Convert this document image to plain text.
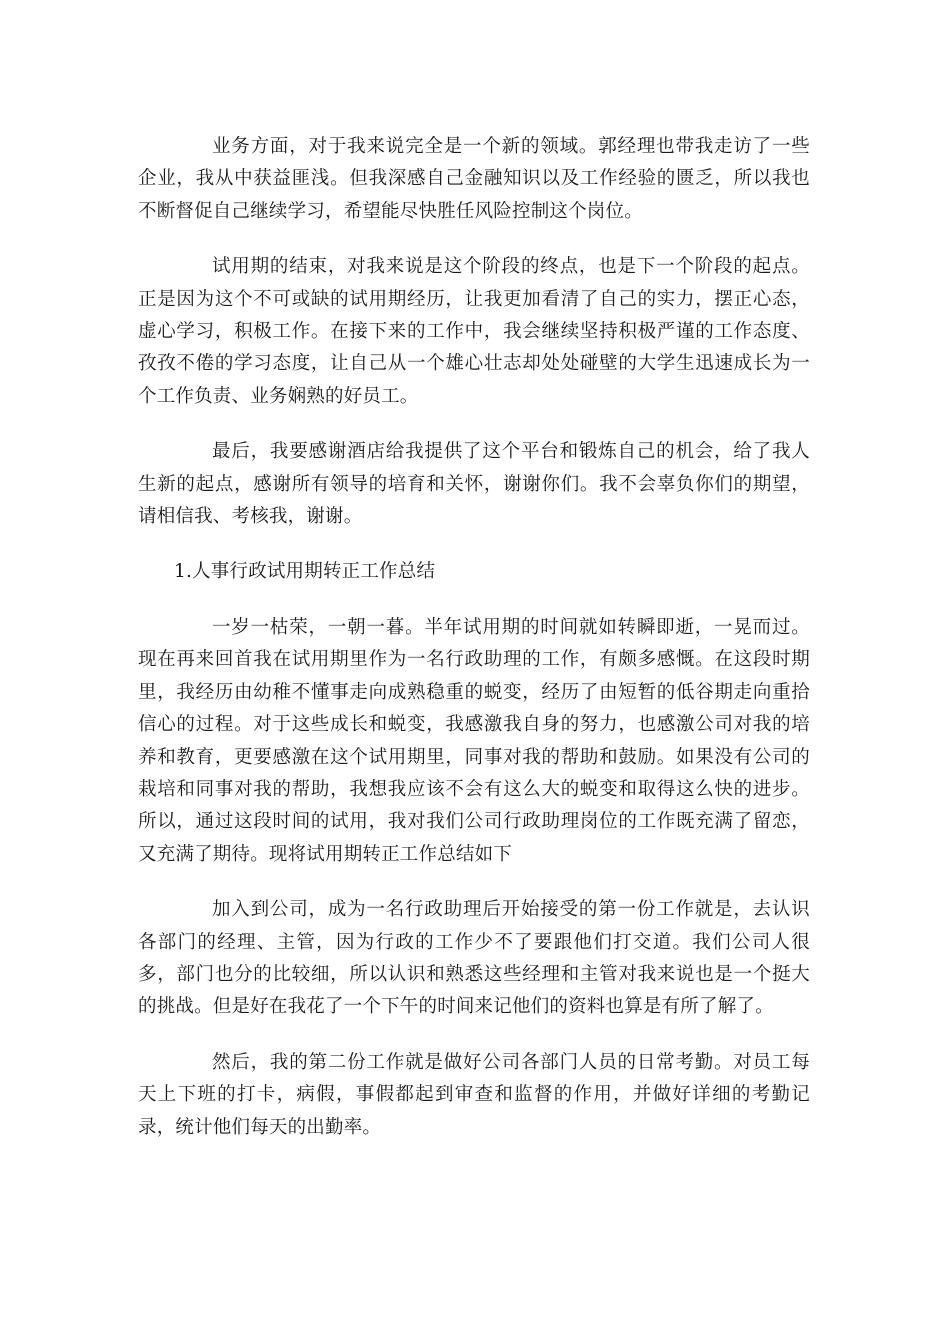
业务方面，对于我来说完全是一个新的领域。郭经理也带我走访了一些企业，我从中获益匪浅。但我深感自己金融知识以及工作经验的匮乏，所以我也不断督促自己继续学习，希望能尽快胜任风险控制这个岗位。

试用期的结束，对我来说是这个阶段的终点，也是下一个阶段的起点。正是因为这个不可或缺的试用期经历，让我更加看清了自己的实力，摆正心态，虚心学习，积极工作。在接下来的工作中，我会继续坚持积极严谨的工作态度、孜孜不倦的学习态度，让自己从一个雄心壮志却处处碰壁的大学生迅速成长为一个工作负责、业务娴熟的好员工。

最后，我要感谢酒店给我提供了这个平台和锻炼自己的机会，给了我人生新的起点，感谢所有领导的培育和关怀，谢谢你们。我不会辜负你们的期望，请相信我、考核我，谢谢。

1.人事行政试用期转正工作总结

一岁一枯荣，一朝一暮。半年试用期的时间就如转瞬即逝，一晃而过。现在再来回首我在试用期里作为一名行政助理的工作，有颇多感慨。在这段时期里，我经历由幼稚不懂事走向成熟稳重的蜕变，经历了由短暂的低谷期走向重拾信心的过程。对于这些成长和蜕变，我感激我自身的努力，也感激公司对我的培养和教育，更要感激在这个试用期里，同事对我的帮助和鼓励。如果没有公司的栽培和同事对我的帮助，我想我应该不会有这么大的蜕变和取得这么快的进步。所以，通过这段时间的试用，我对我们公司行政助理岗位的工作既充满了留恋，又充满了期待。现将试用期转正工作总结如下

加入到公司，成为一名行政助理后开始接受的第一份工作就是，去认识各部门的经理、主管，因为行政的工作少不了要跟他们打交道。我们公司人很多，部门也分的比较细，所以认识和熟悉这些经理和主管对我来说也是一个挺大的挑战。但是好在我花了一个下午的时间来记他们的资料也算是有所了解了。

然后，我的第二份工作就是做好公司各部门人员的日常考勤。对员工每天上下班的打卡，病假，事假都起到审查和监督的作用，并做好详细的考勤记录，统计他们每天的出勤率。
